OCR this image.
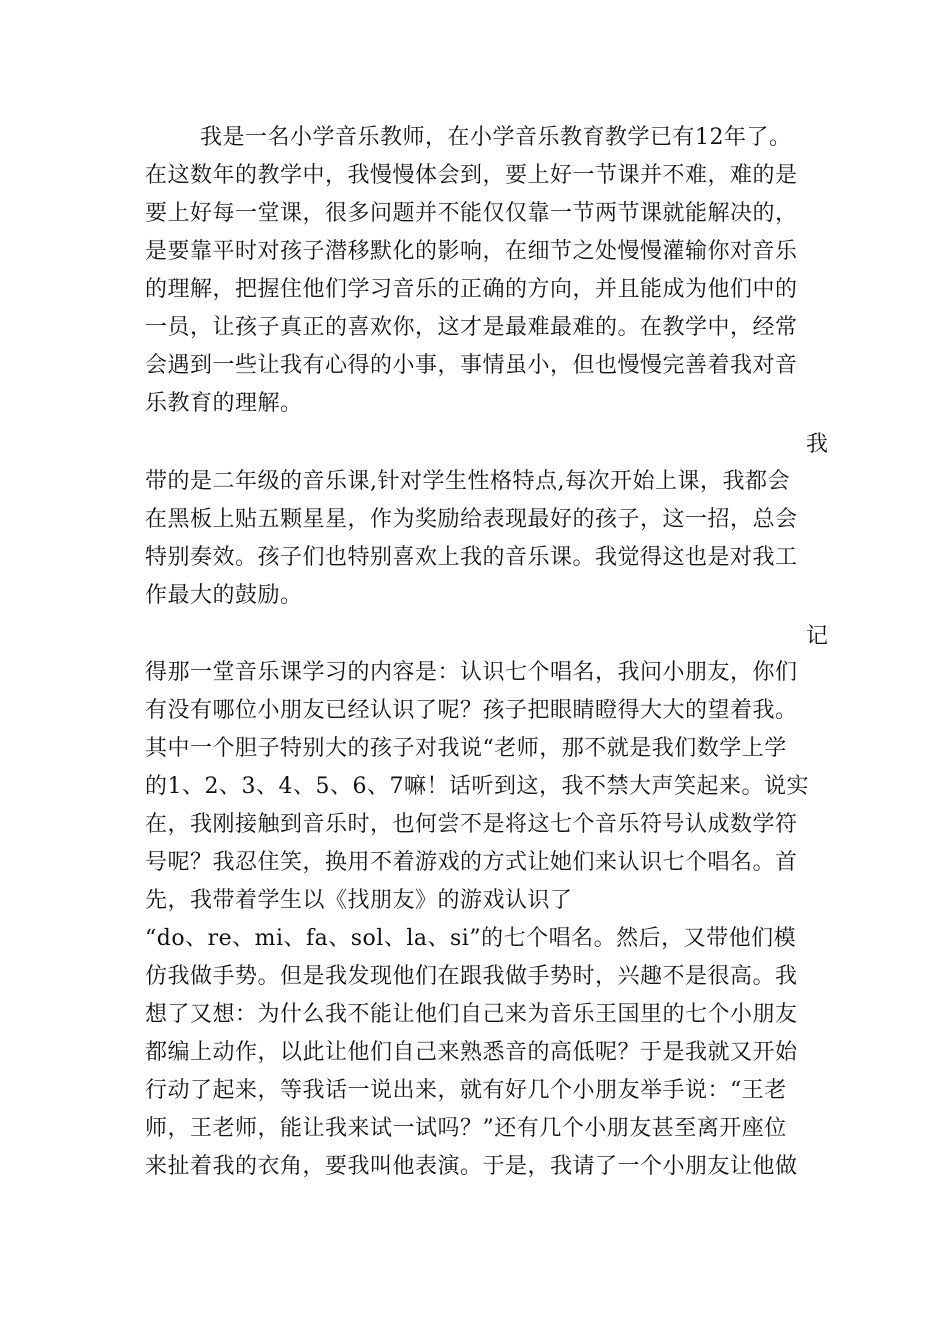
我是一名小学音乐教师，在小学音乐教育教学已有12年了。
在这数年的教学中，我慢慢体会到，要上好一节课并不难，难的是
要上好每一堂课，很多问题并不能仅仅靠一节两节课就能解决的，
是要靠平时对孩子潜移默化的影响，在细节之处慢慢灌输你对音乐
的理解，把握住他们学习音乐的正确的方向，并且能成为他们中的
一员，让孩子真正的喜欢你，这才是最难最难的。在教学中，经常
会遇到一些让我有心得的小事，事情虽小，但也慢慢完善着我对音
乐教育的理解。
我
带的是二年级的音乐课,针对学生性格特点,每次开始上课，我都会
在黑板上贴五颗星星，作为奖励给表现最好的孩子，这一招，总会
特别奏效。孩子们也特别喜欢上我的音乐课。我觉得这也是对我工
作最大的鼓励。
记
得那一堂音乐课学习的内容是：认识七个唱名，我问小朋友，你们
有没有哪位小朋友已经认识了呢？孩子把眼睛瞪得大大的望着我。
其中一个胆子特别大的孩子对我说“老师，那不就是我们数学上学
的1、2、3、4、5、6、7嘛！话听到这，我不禁大声笑起来。说实
在，我刚接触到音乐时，也何尝不是将这七个音乐符号认成数学符
号呢？我忍住笑，换用不着游戏的方式让她们来认识七个唱名。首
先，我带着学生以《找朋友》的游戏认识了
“do、re、mi、fa、sol、la、si”的七个唱名。然后，又带他们模
仿我做手势。但是我发现他们在跟我做手势时，兴趣不是很高。我
想了又想：为什么我不能让他们自己来为音乐王国里的七个小朋友
都编上动作，以此让他们自己来熟悉音的高低呢？于是我就又开始
行动了起来，等我话一说出来，就有好几个小朋友举手说：“王老
师，王老师，能让我来试一试吗？”还有几个小朋友甚至离开座位
来扯着我的衣角，要我叫他表演。于是，我请了一个小朋友让他做
